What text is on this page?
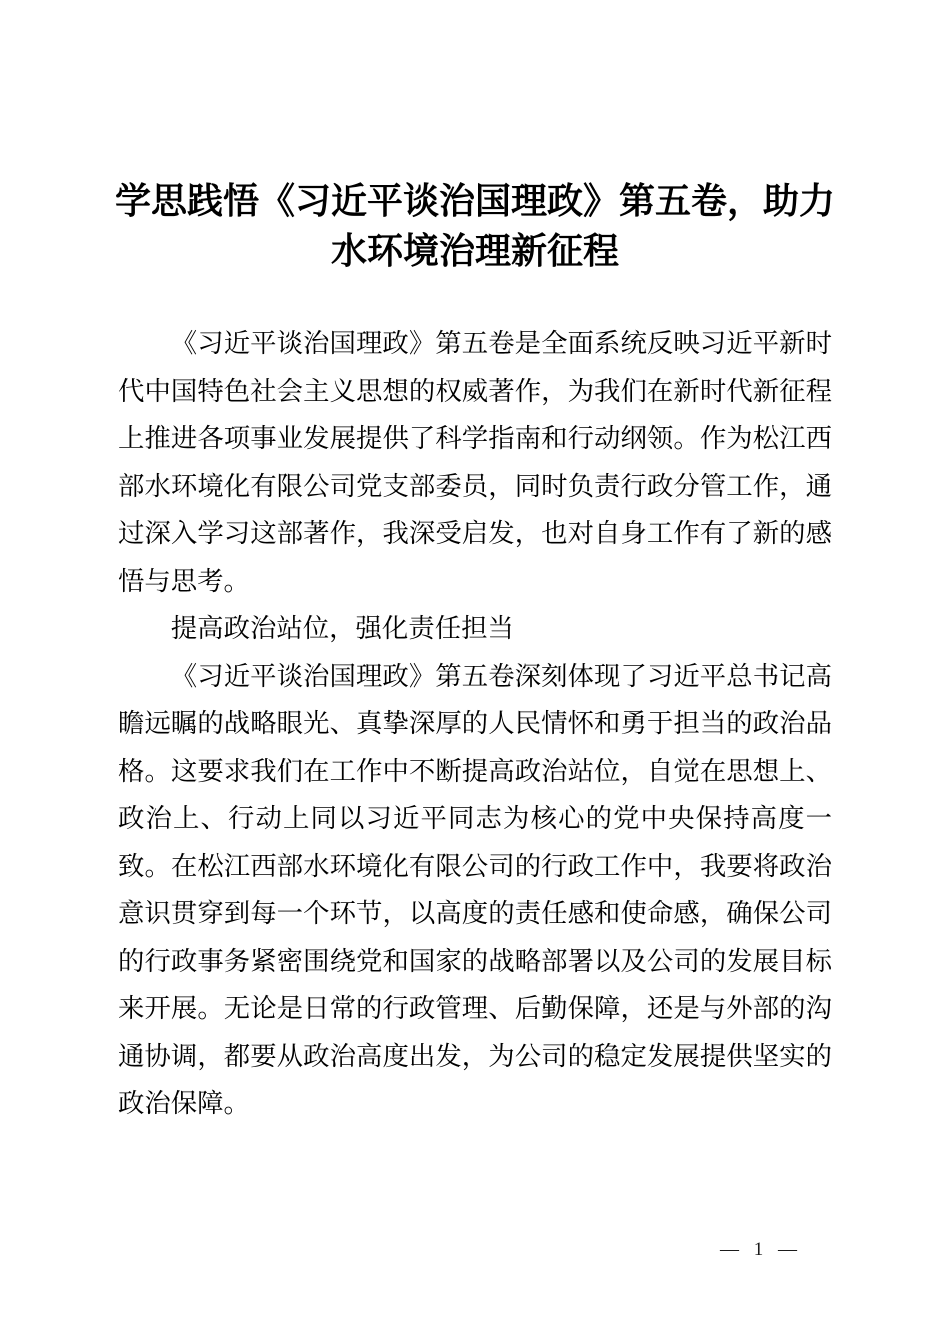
学思践悟《习近平谈治国理政》第五卷，助力
水环境治理新征程

《习近平谈治国理政》第五卷是全面系统反映习近平新时代中国特色社会主义思想的权威著作，为我们在新时代新征程上推进各项事业发展提供了科学指南和行动纲领。作为松江西部水环境化有限公司党支部委员，同时负责行政分管工作，通过深入学习这部著作，我深受启发，也对自身工作有了新的感悟与思考。

提高政治站位，强化责任担当

《习近平谈治国理政》第五卷深刻体现了习近平总书记高瞻远瞩的战略眼光、真挚深厚的人民情怀和勇于担当的政治品格。这要求我们在工作中不断提高政治站位，自觉在思想上、政治上、行动上同以习近平同志为核心的党中央保持高度一致。在松江西部水环境化有限公司的行政工作中，我要将政治意识贯穿到每一个环节，以高度的责任感和使命感，确保公司的行政事务紧密围绕党和国家的战略部署以及公司的发展目标来开展。无论是日常的行政管理、后勤保障，还是与外部的沟通协调，都要从政治高度出发，为公司的稳定发展提供坚实的政治保障。

— 1 —
